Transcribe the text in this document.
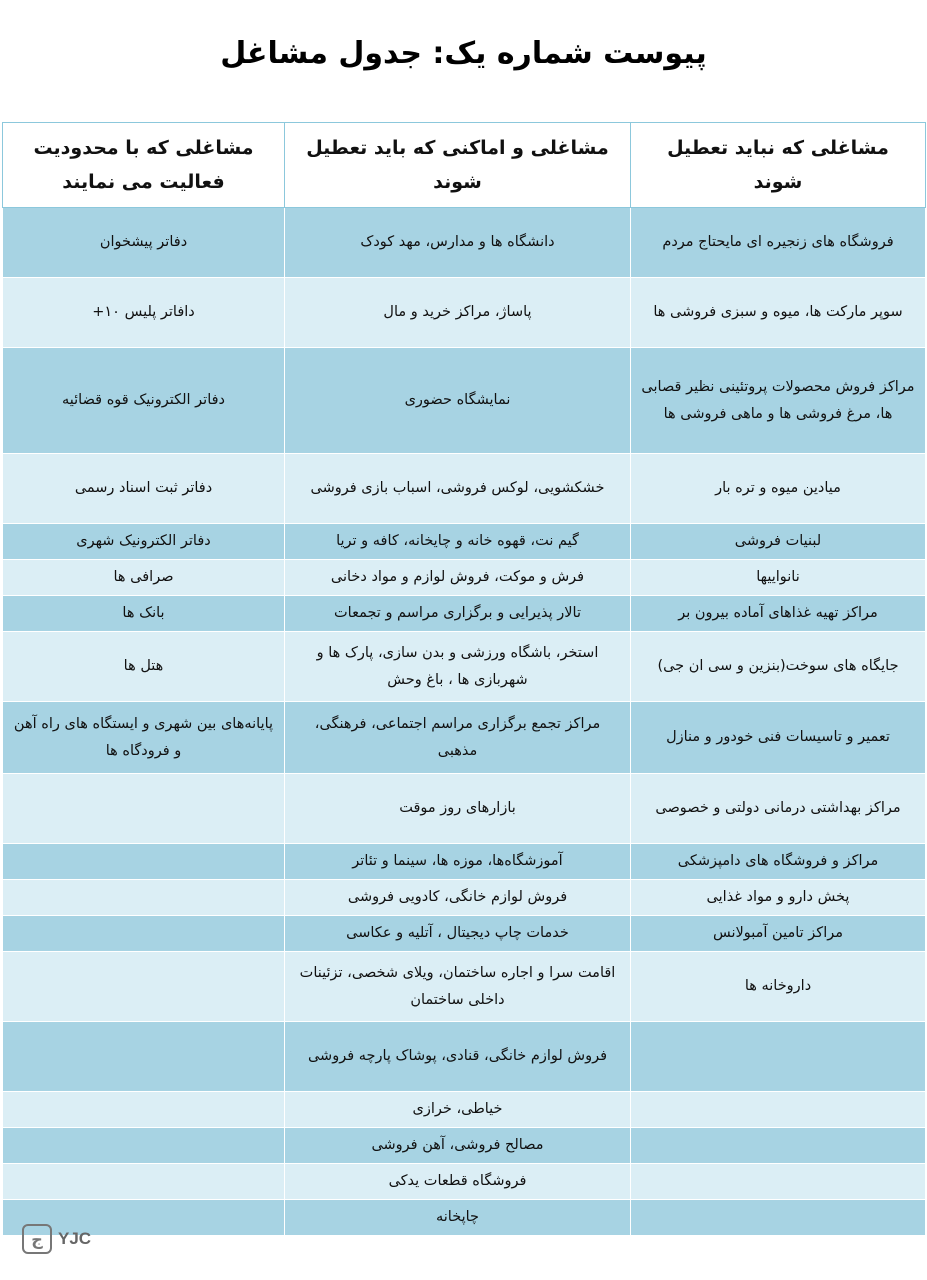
پیوست شماره یک: جدول مشاغل
مشاغلی که نباید تعطیل شوند	مشاغلی و اماکنی که باید تعطیل شوند	مشاغلی که با محدودیت فعالیت می نمایند
فروشگاه های زنجیره ای مایحتاج مردم	دانشگاه ها و مدارس، مهد کودک	دفاتر پیشخوان
سوپر مارکت ها، میوه و سبزی فروشی ها	پاساژ، مراکز خرید و مال	دافاتر پلیس ۱۰+
مراکز فروش محصولات پروتئینی نظیر قصابی ها، مرغ فروشی ها و ماهی فروشی ها	نمایشگاه حضوری	دفاتر الکترونیک قوه قضائیه
میادین میوه و تره بار	خشکشویی، لوکس فروشی، اسباب بازی فروشی	دفاتر ثبت اسناد رسمی
لبنیات فروشی	گیم نت، قهوه خانه و چایخانه، کافه و تریا	دفاتر الکترونیک شهری
نانواییها	فرش و موکت، فروش لوازم و مواد دخانی	صرافی ها
مراکز تهیه غذاهای آماده بیرون بر	تالار پذیرایی و برگزاری مراسم و تجمعات	بانک ها
جایگاه های سوخت(بنزین و سی ان جی)	استخر، باشگاه ورزشی و بدن سازی، پارک ها و شهربازی ها ، باغ وحش	هتل ها
تعمیر و تاسیسات فنی خودور و منازل	مراکز تجمع برگزاری مراسم اجتماعی، فرهنگی، مذهبی	پایانه‌های بین شهری و ایستگاه های راه آهن و فرودگاه ها
مراکز بهداشتی درمانی دولتی و خصوصی	بازارهای روز موقت	
مراکز و فروشگاه های دامپزشکی	آموزشگاه‌ها، موزه ها، سینما و تئاتر	
پخش دارو و مواد غذایی	فروش لوازم خانگی، کادویی فروشی	
مراکز تامین آمبولانس	خدمات چاپ دیجیتال ، آتلیه و عکاسی	
داروخانه ها	اقامت سرا و اجاره ساختمان، ویلای شخصی، تزئینات داخلی ساختمان	
	فروش لوازم خانگی، قنادی، پوشاک پارچه فروشی	
	خیاطی، خرازی	
	مصالح فروشی، آهن فروشی	
	فروشگاه قطعات یدکی	
	چاپخانه	
ج YJC
